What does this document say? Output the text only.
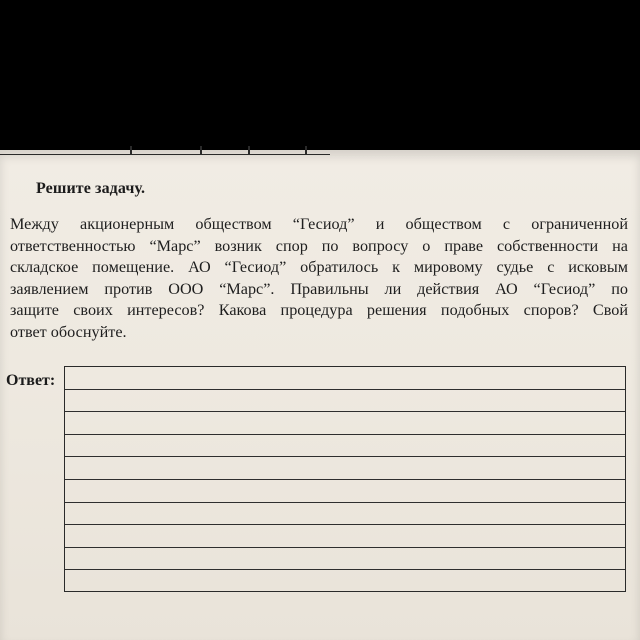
Решите задачу.
Между акционерным обществом “Гесиод” и обществом с ограниченной
ответственностью “Марс” возник спор по вопросу о праве собственности на
складское помещение. АО “Гесиод” обратилось к мировому судье с исковым
заявлением против ООО “Марс”. Правильны ли действия АО “Гесиод” по
защите своих интересов? Какова процедура решения подобных споров? Свой
ответ обоснуйте.
Ответ:
